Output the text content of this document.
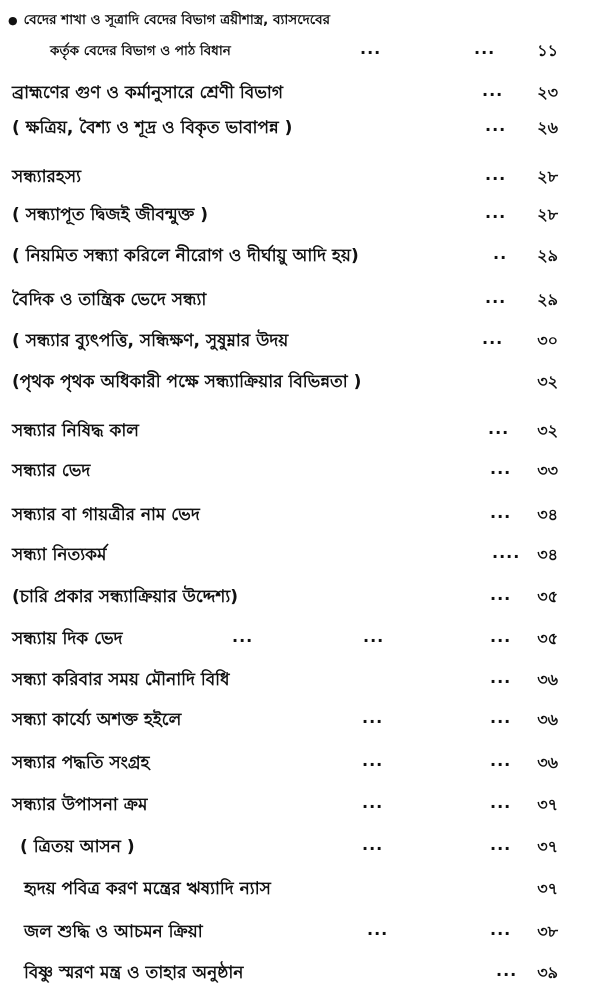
● বেদের শাখা ও সূত্রাদি বেদের বিভাগ ত্রয়ীশাস্ত্র, ব্যাসদেবের
কর্তৃক বেদের বিভাগ ও পাঠ বিধান	...	...	১১
ব্রাহ্মণের গুণ ও কর্মানুসারে শ্রেণী বিভাগ	...	২৩
( ক্ষত্রিয়, বৈশ্য ও শূদ্র ও বিকৃত ভাবাপন্ন )	...	২৬
সন্ধ্যারহস্য	...	২৮
( সন্ধ্যাপূত দ্বিজই জীবন্মুক্ত )	...	২৮
( নিয়মিত সন্ধ্যা করিলে নীরোগ ও দীর্ঘায়ু আদি হয়)	..	২৯
বৈদিক ও তান্ত্রিক ভেদে সন্ধ্যা	...	২৯
( সন্ধ্যার ব্যুৎপত্তি, সন্ধিক্ষণ, সুষুম্নার উদয়	...	৩০
(পৃথক পৃথক অধিকারী পক্ষে সন্ধ্যাক্রিয়ার বিভিন্নতা )	৩২
সন্ধ্যার নিষিদ্ধ কাল	...	৩২
সন্ধ্যার ভেদ	...	৩৩
সন্ধ্যার বা গায়ত্রীর নাম ভেদ	...	৩৪
সন্ধ্যা নিত্যকর্ম	....	৩৪
(চারি প্রকার সন্ধ্যাক্রিয়ার উদ্দেশ্য)	...	৩৫
সন্ধ্যায় দিক ভেদ	...	...	...	৩৫
সন্ধ্যা করিবার সময় মৌনাদি বিধি	...	৩৬
সন্ধ্যা কার্য্যে অশক্ত হইলে	...	...	৩৬
সন্ধ্যার পদ্ধতি সংগ্রহ	...	...	৩৬
সন্ধ্যার উপাসনা ক্রম	...	...	৩৭
( ত্রিতয় আসন )	...	...	৩৭
হৃদয় পবিত্র করণ মন্ত্রের ঋষ্যাদি ন্যাস	৩৭
জল শুদ্ধি ও আচমন ক্রিয়া	...	...	৩৮
বিষ্ণু স্মরণ মন্ত্র ও তাহার অনুষ্ঠান	...	৩৯
